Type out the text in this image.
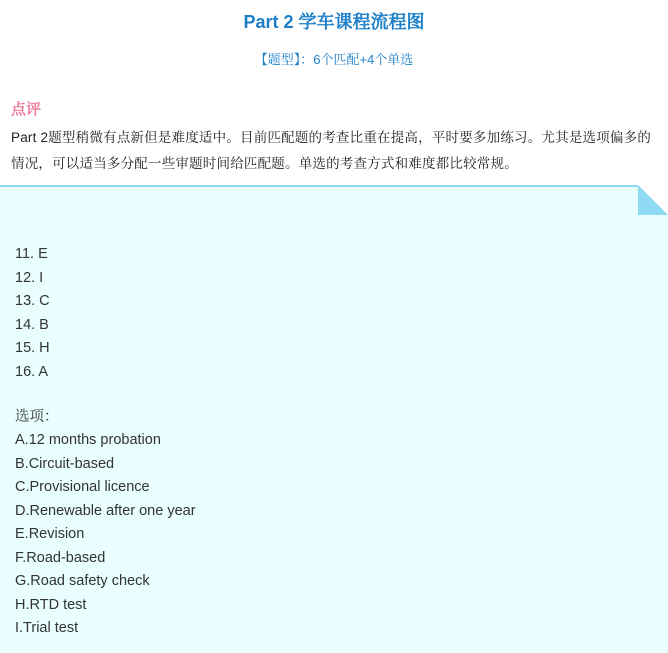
Part 2 学车课程流程图
【题型】：6个匹配+4个单选
点评
Part 2题型稍微有点新但是难度适中。目前匹配题的考查比重在提高，平时要多加练习。尤其是选项偏多的情况，可以适当多分配一些审题时间给匹配题。单选的考查方式和难度都比较常规。
11. E
12. I
13. C
14. B
15. H
16. A
选项：
A.12 months probation
B.Circuit-based
C.Provisional licence
D.Renewable after one year
E.Revision
F.Road-based
G.Road safety check
H.RTD test
I.Trial test
